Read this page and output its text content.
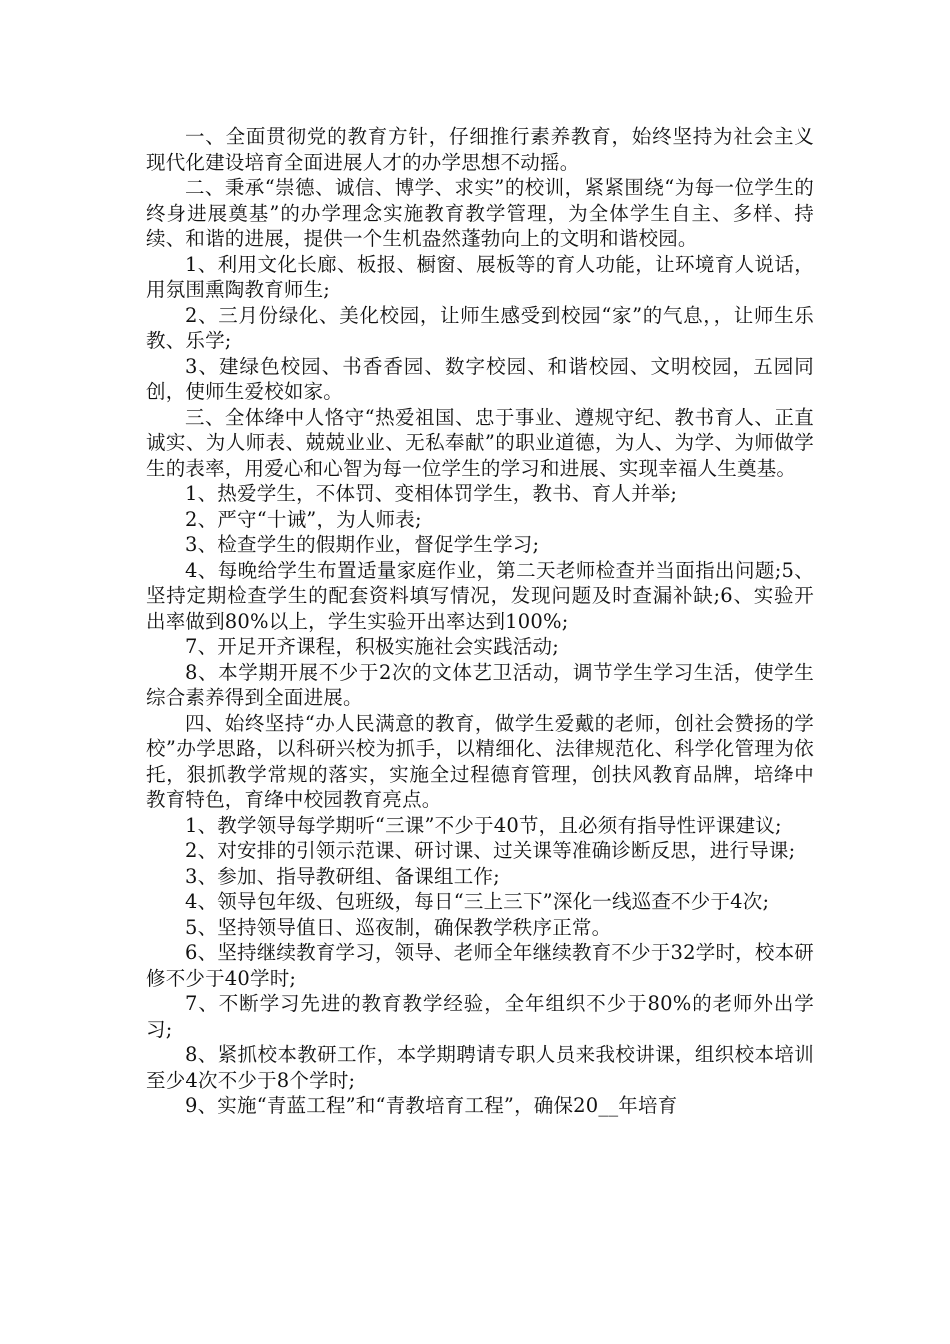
一、全面贯彻党的教育方针，仔细推行素养教育，始终坚持为社会主义现代化建设培育全面进展人才的办学思想不动摇。

二、秉承“崇德、诚信、博学、求实”的校训，紧紧围绕“为每一位学生的终身进展奠基”的办学理念实施教育教学管理，为全体学生自主、多样、持续、和谐的进展，提供一个生机盎然蓬勃向上的文明和谐校园。

1、利用文化长廊、板报、橱窗、展板等的育人功能，让环境育人说话，用氛围熏陶教育师生;

2、三月份绿化、美化校园，让师生感受到校园“家”的气息，，让师生乐教、乐学;

3、建绿色校园、书香香园、数字校园、和谐校园、文明校园，五园同创，使师生爱校如家。

三、全体绛中人恪守“热爱祖国、忠于事业、遵规守纪、教书育人、正直诚实、为人师表、兢兢业业、无私奉献”的职业道德，为人、为学、为师做学生的表率，用爱心和心智为每一位学生的学习和进展、实现幸福人生奠基。

1、热爱学生，不体罚、变相体罚学生，教书、育人并举;

2、严守“十诫”，为人师表;

3、检查学生的假期作业，督促学生学习;

4、每晚给学生布置适量家庭作业，第二天老师检查并当面指出问题;5、坚持定期检查学生的配套资料填写情况，发现问题及时查漏补缺;6、实验开出率做到80%以上，学生实验开出率达到100%;

7、开足开齐课程，积极实施社会实践活动;

8、本学期开展不少于2次的文体艺卫活动，调节学生学习生活，使学生综合素养得到全面进展。

四、始终坚持“办人民满意的教育，做学生爱戴的老师，创社会赞扬的学校”办学思路，以科研兴校为抓手，以精细化、法律规范化、科学化管理为依托，狠抓教学常规的落实，实施全过程德育管理，创扶风教育品牌，培绛中教育特色，育绛中校园教育亮点。

1、教学领导每学期听“三课”不少于40节，且必须有指导性评课建议;

2、对安排的引领示范课、研讨课、过关课等准确诊断反思，进行导课;

3、参加、指导教研组、备课组工作;

4、领导包年级、包班级，每日“三上三下”深化一线巡查不少于4次;

5、坚持领导值日、巡夜制，确保教学秩序正常。

6、坚持继续教育学习，领导、老师全年继续教育不少于32学时，校本研修不少于40学时;

7、不断学习先进的教育教学经验，全年组织不少于80%的老师外出学习;

8、紧抓校本教研工作，本学期聘请专职人员来我校讲课，组织校本培训至少4次不少于8个学时;

9、实施“青蓝工程”和“青教培育工程”，确保20__年培育
